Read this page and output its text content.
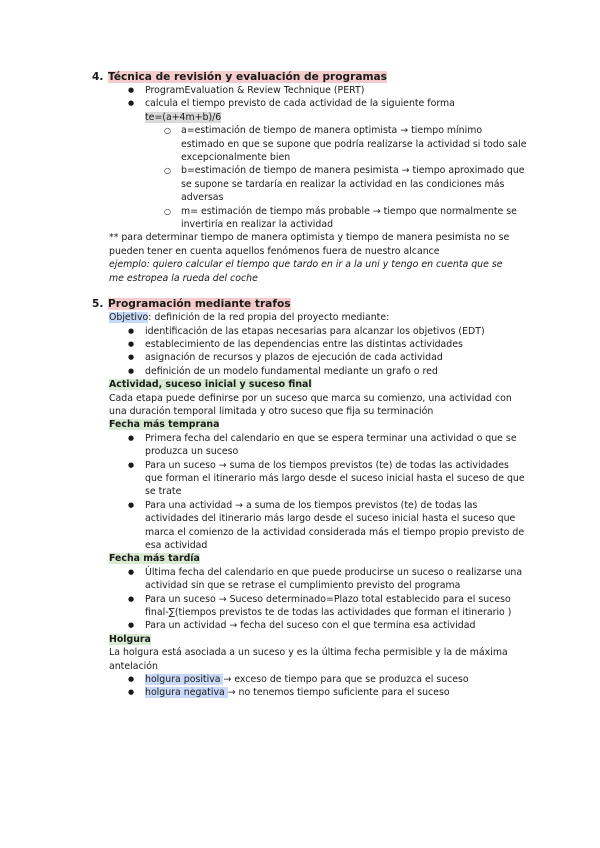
4. Técnica de revisión y evaluación de programas
● ProgramEvaluation & Review Technique (PERT)
● calcula el tiempo previsto de cada actividad de la siguiente forma
te=(a+4m+b)/6
○ a=estimación de tiempo de manera optimista → tiempo mínimo estimado en que se supone que podría realizarse la actividad si todo sale excepcionalmente bien
○ b=estimación de tiempo de manera pesimista → tiempo aproximado que se supone se tardaría en realizar la actividad en las condiciones más adversas
○ m= estimación de tiempo más probable → tiempo que normalmente se invertiría en realizar la actividad
** para determinar tiempo de manera optimista y tiempo de manera pesimista no se pueden tener en cuenta aquellos fenómenos fuera de nuestro alcance
ejemplo: quiero calcular el tiempo que tardo en ir a la uni y tengo en cuenta que se me estropea la rueda del coche
5. Programación mediante trafos
Objetivo: definición de la red propia del proyecto mediante:
● identificación de las etapas necesarias para alcanzar los objetivos (EDT)
● establecimiento de las dependencias entre las distintas actividades
● asignación de recursos y plazos de ejecución de cada actividad
● definición de un modelo fundamental mediante un grafo o red
Actividad, suceso inicial y suceso final
Cada etapa puede definirse por un suceso que marca su comienzo, una actividad con una duración temporal limitada y otro suceso que fija su terminación
Fecha más temprana
● Primera fecha del calendario en que se espera terminar una actividad o que se produzca un suceso
● Para un suceso → suma de los tiempos previstos (te) de todas las actividades que forman el itinerario más largo desde el suceso inicial hasta el suceso de que se trate
● Para una actividad → a suma de los tiempos previstos (te) de todas las actividades del itinerario más largo desde el suceso inicial hasta el suceso que marca el comienzo de la actividad considerada más el tiempo propio previsto de esa actividad
Fecha más tardía
● Última fecha del calendario en que puede producirse un suceso o realizarse una actividad sin que se retrase el cumplimiento previsto del programa
● Para un suceso → Suceso determinado=Plazo total establecido para el suceso final-∑(tiempos previstos te de todas las actividades que forman el itinerario )
● Para un actividad → fecha del suceso con el que termina esa actividad
Holgura
La holgura está asociada a un suceso y es la última fecha permisible y la de máxima antelación
● holgura positiva → exceso de tiempo para que se produzca el suceso
● holgura negativa → no tenemos tiempo suficiente para el suceso
